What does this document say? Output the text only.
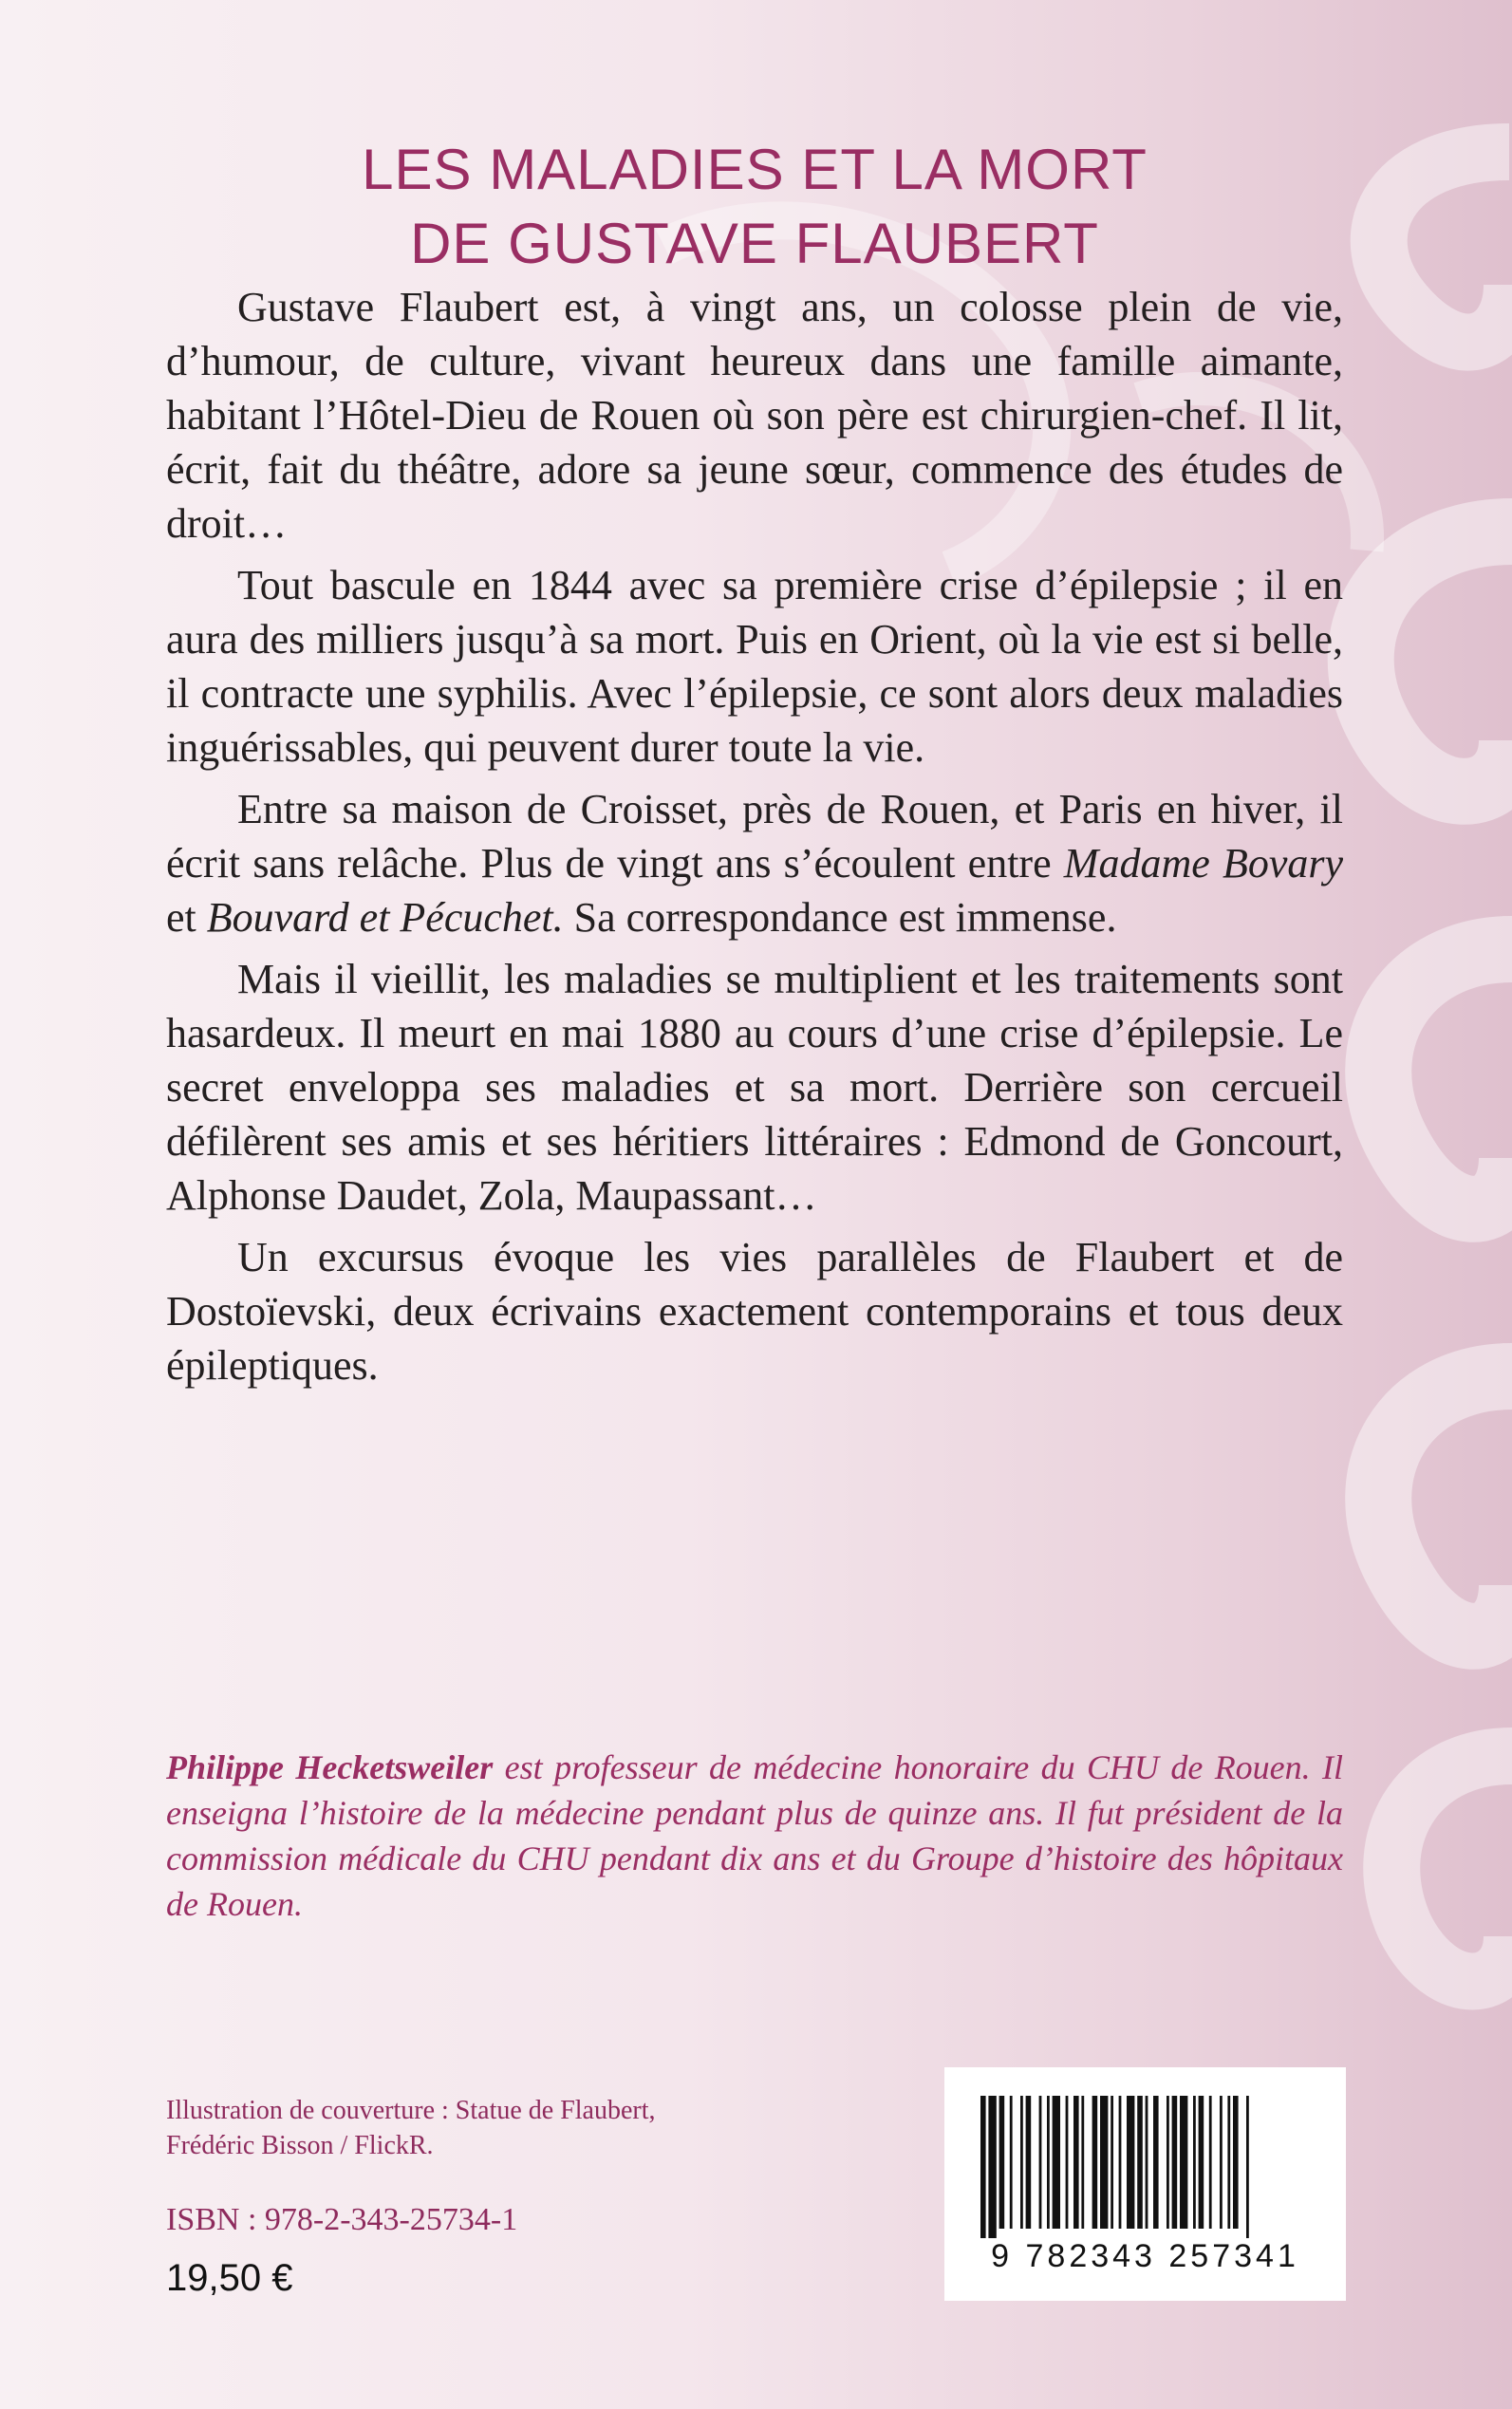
LES MALADIES ET LA MORT
DE GUSTAVE FLAUBERT

Gustave Flaubert est, à vingt ans, un colosse plein de vie, d’humour, de culture, vivant heureux dans une famille aimante, habitant l’Hôtel-Dieu de Rouen où son père est chirurgien-chef. Il lit, écrit, fait du théâtre, adore sa jeune sœur, commence des études de droit…

Tout bascule en 1844 avec sa première crise d’épilepsie ; il en aura des milliers jusqu’à sa mort. Puis en Orient, où la vie est si belle, il contracte une syphilis. Avec l’épilepsie, ce sont alors deux maladies inguérissables, qui peuvent durer toute la vie.

Entre sa maison de Croisset, près de Rouen, et Paris en hiver, il écrit sans relâche. Plus de vingt ans s’écoulent entre Madame Bovary et Bouvard et Pécuchet. Sa correspondance est immense.

Mais il vieillit, les maladies se multiplient et les traitements sont hasardeux. Il meurt en mai 1880 au cours d’une crise d’épilepsie. Le secret enveloppa ses maladies et sa mort. Derrière son cercueil défilèrent ses amis et ses héritiers littéraires : Edmond de Goncourt, Alphonse Daudet, Zola, Maupassant…

Un excursus évoque les vies parallèles de Flaubert et de Dostoïevski, deux écrivains exactement contemporains et tous deux épileptiques.

Philippe Hecketsweiler est professeur de médecine honoraire du CHU de Rouen. Il enseigna l’histoire de la médecine pendant plus de quinze ans. Il fut président de la commission médicale du CHU pendant dix ans et du Groupe d’histoire des hôpitaux de Rouen.
Illustration de couverture : Statue de Flaubert,
Frédéric Bisson / FlickR.
ISBN : 978-2-343-25734-1
19,50 €
9 782343 257341
